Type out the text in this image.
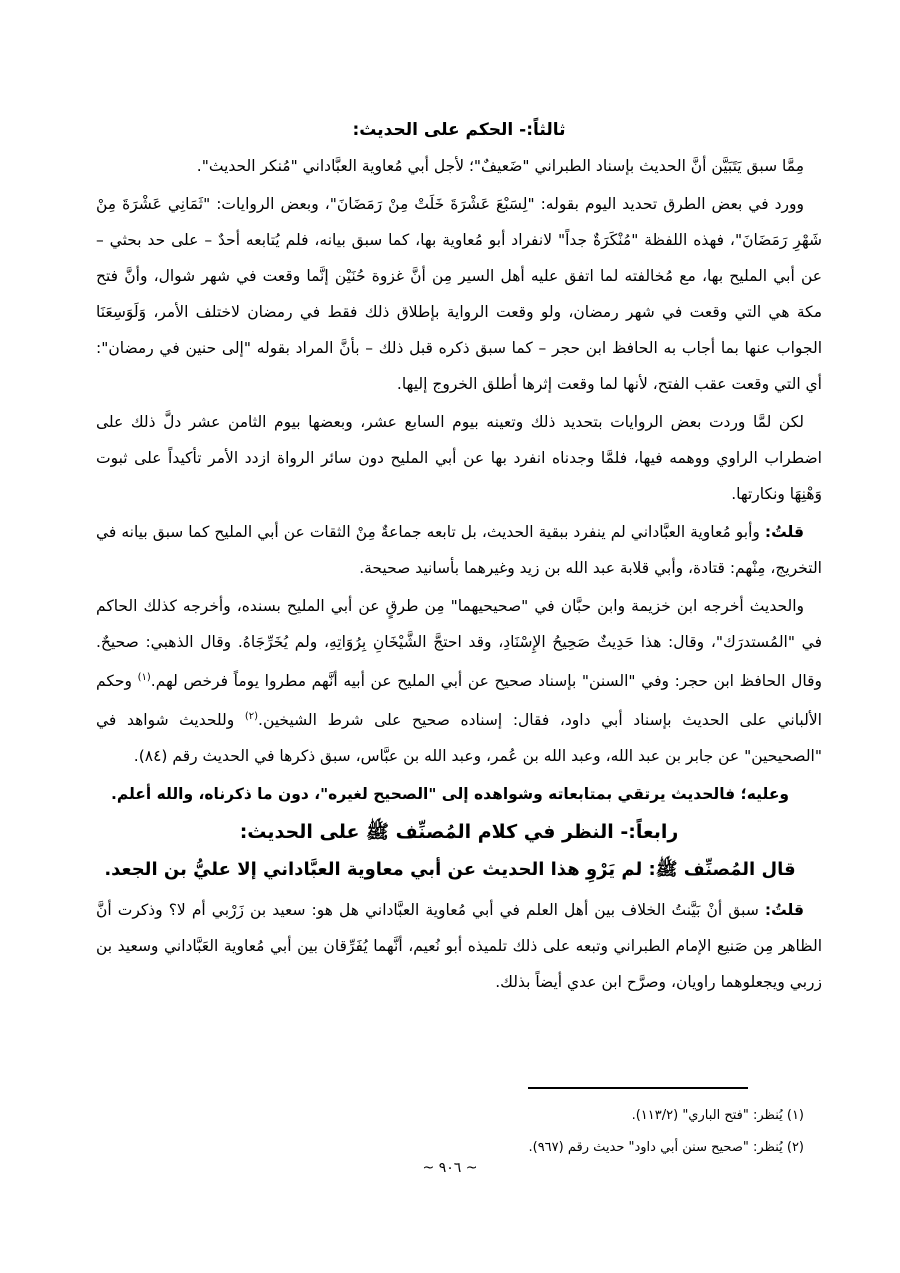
ثالثاً:- الحكم على الحديث:

مِمَّا سبق يَتَبَيَّن أنَّ الحديث بإسناد الطبراني "ضَعيفٌ"؛ لأجل أبي مُعاوية العبَّاداني "مُنكر الحديث".

وورد في بعض الطرق تحديد اليوم بقوله: "لِسَبْعَ عَشْرَةَ خَلَتْ مِنْ رَمَضَانَ"، وبعض الروايات: "ثَمَانِي عَشْرَةَ مِنْ شَهْرِ رَمَضَانَ"، فهذه اللفظة "مُنْكَرَةٌ جداً" لانفراد أبو مُعاوية بها، كما سبق بيانه، فلم يُتابعه أحدٌ – على حد بحثي – عن أبي المليح بها، مع مُخالفته لما اتفق عليه أهل السير مِن أنَّ غزوة حُنَيْن إنَّما وقعت في شهر شوال، وأنَّ فتح مكة هي التي وقعت في شهر رمضان، ولو وقعت الرواية بإطلاق ذلك فقط في رمضان لاختلف الأمر، وَلَوَسِعَنَا الجواب عنها بما أجاب به الحافظ ابن حجر – كما سبق ذكره قبل ذلك – بأنَّ المراد بقوله "إلى حنين في رمضان": أي التي وقعت عقب الفتح، لأنها لما وقعت إثرها أطلق الخروج إليها.

لكن لمَّا وردت بعض الروايات بتحديد ذلك وتعينه بيوم السابع عشر، وبعضها بيوم الثامن عشر دلَّ ذلك على اضطراب الراوي ووهمه فيها، فلمَّا وجدناه انفرد بها عن أبي المليح دون سائر الرواة ازدد الأمر تأكيداً على ثبوت وَهْنِهَا ونكارتها.

قلتُ: وأبو مُعاوية العبَّاداني لم ينفرد ببقية الحديث، بل تابعه جماعةٌ مِنْ الثقات عن أبي المليح كما سبق بيانه في التخريج، مِنْهم: قتادة، وأبي قلابة عبد الله بن زيد وغيرهما بأسانيد صحيحة.

والحديث أخرجه ابن خزيمة وابن حبَّان في "صحيحيهما" مِن طرقٍ عن أبي المليح بسنده، وأخرجه كذلك الحاكم في "المُستدرَك"، وقال: هذا حَدِيثٌ صَحِيحُ الإِسْنَادِ، وقد احتجَّ الشَّيْخَانِ بِرُوَاتِهِ، ولم يُخَرِّجَاهُ. وقال الذهبي: صحيحٌ. وقال الحافظ ابن حجر: وفي "السنن" بإسناد صحيح عن أبي المليح عن أبيه أنَّهم مطروا يوماً فرخص لهم.$^{(١)}$ وحكم الألباني على الحديث بإسناد أبي داود، فقال: إسناده صحيح على شرط الشيخين.$^{(٢)}$ وللحديث شواهد في "الصحيحين" عن جابر بن عبد الله، وعبد الله بن عُمر، وعبد الله بن عبَّاس، سبق ذكرها في الحديث رقم (٨٤).

وعليه؛ فالحديث يرتقي بمتابعاته وشواهده إلى "الصحيح لغيره"، دون ما ذكرناه، والله أعلم.

رابعاً:- النظر في كلام المُصنِّف ﷺ على الحديث:

قال المُصنِّف ﷺ: لم يَرْوِ هذا الحديث عن أبي معاوية العبَّاداني إلا عليُّ بن الجعد.

قلتُ: سبق أنْ بَيَّنتُ الخلاف بين أهل العلم في أبي مُعاوية العبَّاداني هل هو: سعيد بن زَرْبي أم لا؟ وذكرت أنَّ الظاهر مِن صَنيع الإمام الطبراني وتبعه على ذلك تلميذه أبو نُعيم، أنَّهما يُفَرِّقان بين أبي مُعاوية العَبَّاداني وسعيد بن زربي ويجعلوهما راويان، وصرَّح ابن عدي أيضاً بذلك.

(١) يُنظر: "فتح الباري" (١١٣/٢).
(٢) يُنظر: "صحيح سنن أبي داود" حديث رقم (٩٦٧).
~ ٩٠٦ ~
